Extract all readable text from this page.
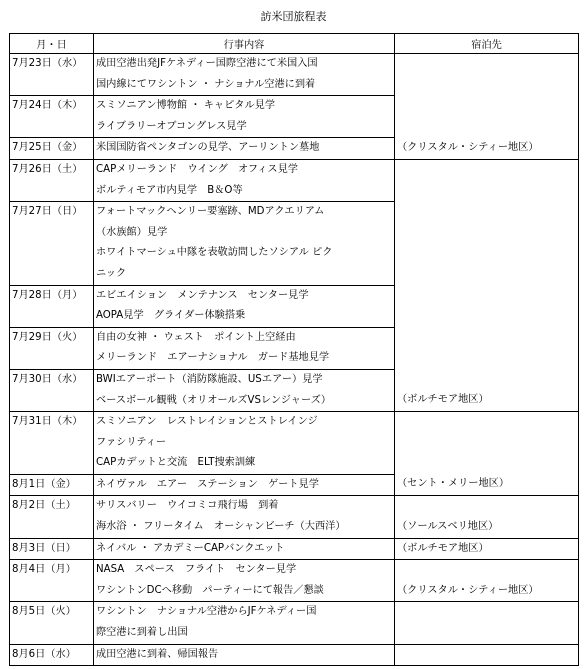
訪米団旅程表
月・日	行事内容	宿泊先

7月23日（水）	成田空港出発JFケネディー国際空港にて米国入国
国内線にてワシントン ・ ナショナル空港に到着	

7月24日（木）	スミソニアン博物館 ・ キャピタル見学
ライブラリーオブコングレス見学	

7月25日（金）	米国国防省ペンタゴンの見学、アーリントン墓地	（クリスタル・シティー地区）

7月26日（土）	CAPメリーランド　ウイング　オフィス見学
ボルティモア市内見学　B＆O等	

7月27日（日）	フォートマックヘンリー要塞跡、MDアクエリアム
（水族館）見学
ホワイトマーシュ中隊を表敬訪問したソシアル ピク
ニック	

7月28日（月）	エビエイション　メンテナンス　センター見学
AOPA見学　グライダー体験搭乗	

7月29日（火）	自由の女神 ・ ウェスト　ポイント上空経由
メリーランド　エアーナショナル　ガード基地見学	

7月30日（水）	BWIエアーポート（消防隊施設、USエアー）見学
ベースボール観戦（オリオールズVSレンジャーズ）	（ボルチモア地区）

7月31日（木）	スミソニアン　レストレイションとストレインジ
ファシリティー
CAPカデットと交流　ELT捜索訓練	

8月1日（金）	ネイヴァル　エアー　ステーション　ゲート見学	（セント・メリー地区）

8月2日（土）	サリスバリー　ウイコミコ飛行場　到着
海水浴 ・ フリータイム　オーシャンビーチ（大西洋）	（ソールスベリ地区）

8月3日（日）	ネイバル ・ アカデミーCAPバンクエット	（ボルチモア地区）

8月4日（月）	NASA　スペース　フライト　センター見学
ワシントンDCへ移動　パーティーにて報告／懇談	（クリスタル・シティー地区）

8月5日（火）	ワシントン　ナショナル空港からJFケネディー国
際空港に到着し出国	

8月6日（水）	成田空港に到着、帰国報告	
